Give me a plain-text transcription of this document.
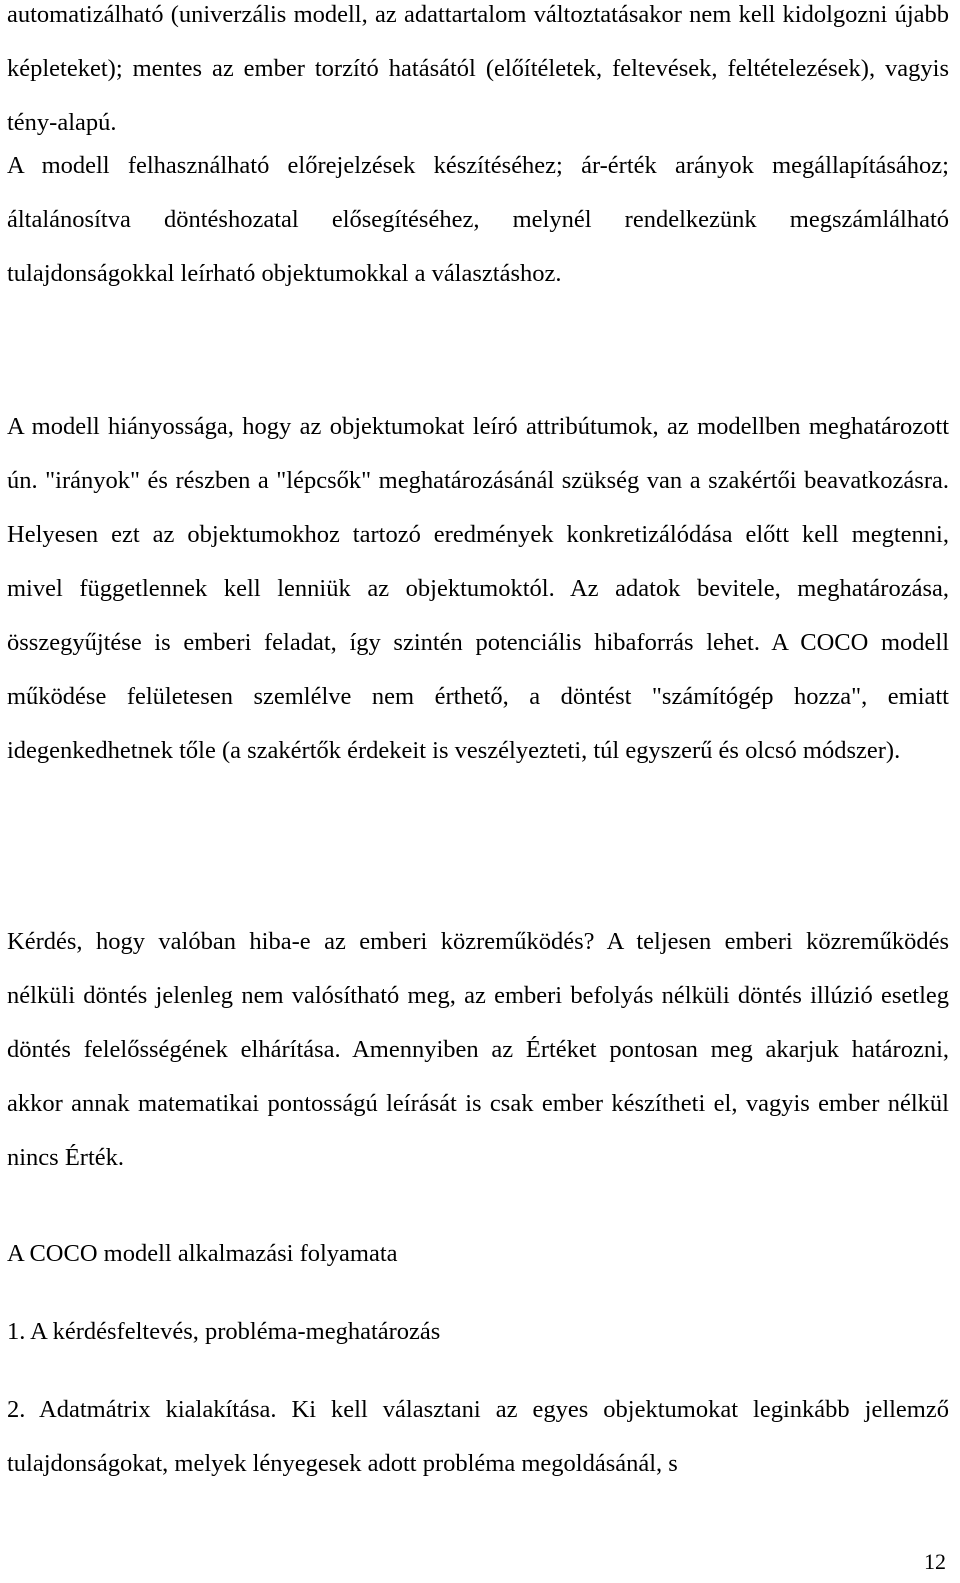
automatizálható (univerzális modell, az adattartalom változtatásakor nem kell kidolgozni újabb képleteket); mentes az ember torzító hatásától (előítéletek, feltevések, feltételezések), vagyis tény-alapú.

A modell felhasználható előrejelzések készítéséhez; ár-érték arányok megállapításához; általánosítva döntéshozatal elősegítéséhez, melynél rendelkezünk megszámlálható tulajdonságokkal leírható objektumokkal a választáshoz.

A modell hiányossága, hogy az objektumokat leíró attribútumok, az modellben meghatározott ún. "irányok" és részben a "lépcsők" meghatározásánál szükség van a szakértői beavatkozásra. Helyesen ezt az objektumokhoz tartozó eredmények konkretizálódása előtt kell megtenni, mivel függetlennek kell lenniük az objektumoktól. Az adatok bevitele, meghatározása, összegyűjtése is emberi feladat, így szintén potenciális hibaforrás lehet. A COCO modell működése felületesen szemlélve nem érthető, a döntést "számítógép hozza", emiatt idegenkedhetnek tőle (a szakértők érdekeit is veszélyezteti, túl egyszerű és olcsó módszer).

Kérdés, hogy valóban hiba-e az emberi közreműködés? A teljesen emberi közreműködés nélküli döntés jelenleg nem valósítható meg, az emberi befolyás nélküli döntés illúzió esetleg döntés felelősségének elhárítása. Amennyiben az Értéket pontosan meg akarjuk határozni, akkor annak matematikai pontosságú leírását is csak ember készítheti el, vagyis ember nélkül nincs Érték.

A COCO modell alkalmazási folyamata

1. A kérdésfeltevés, probléma-meghatározás

2. Adatmátrix kialakítása. Ki kell választani az egyes objektumokat leginkább jellemző tulajdonságokat, melyek lényegesek adott probléma megoldásánál, s

12
